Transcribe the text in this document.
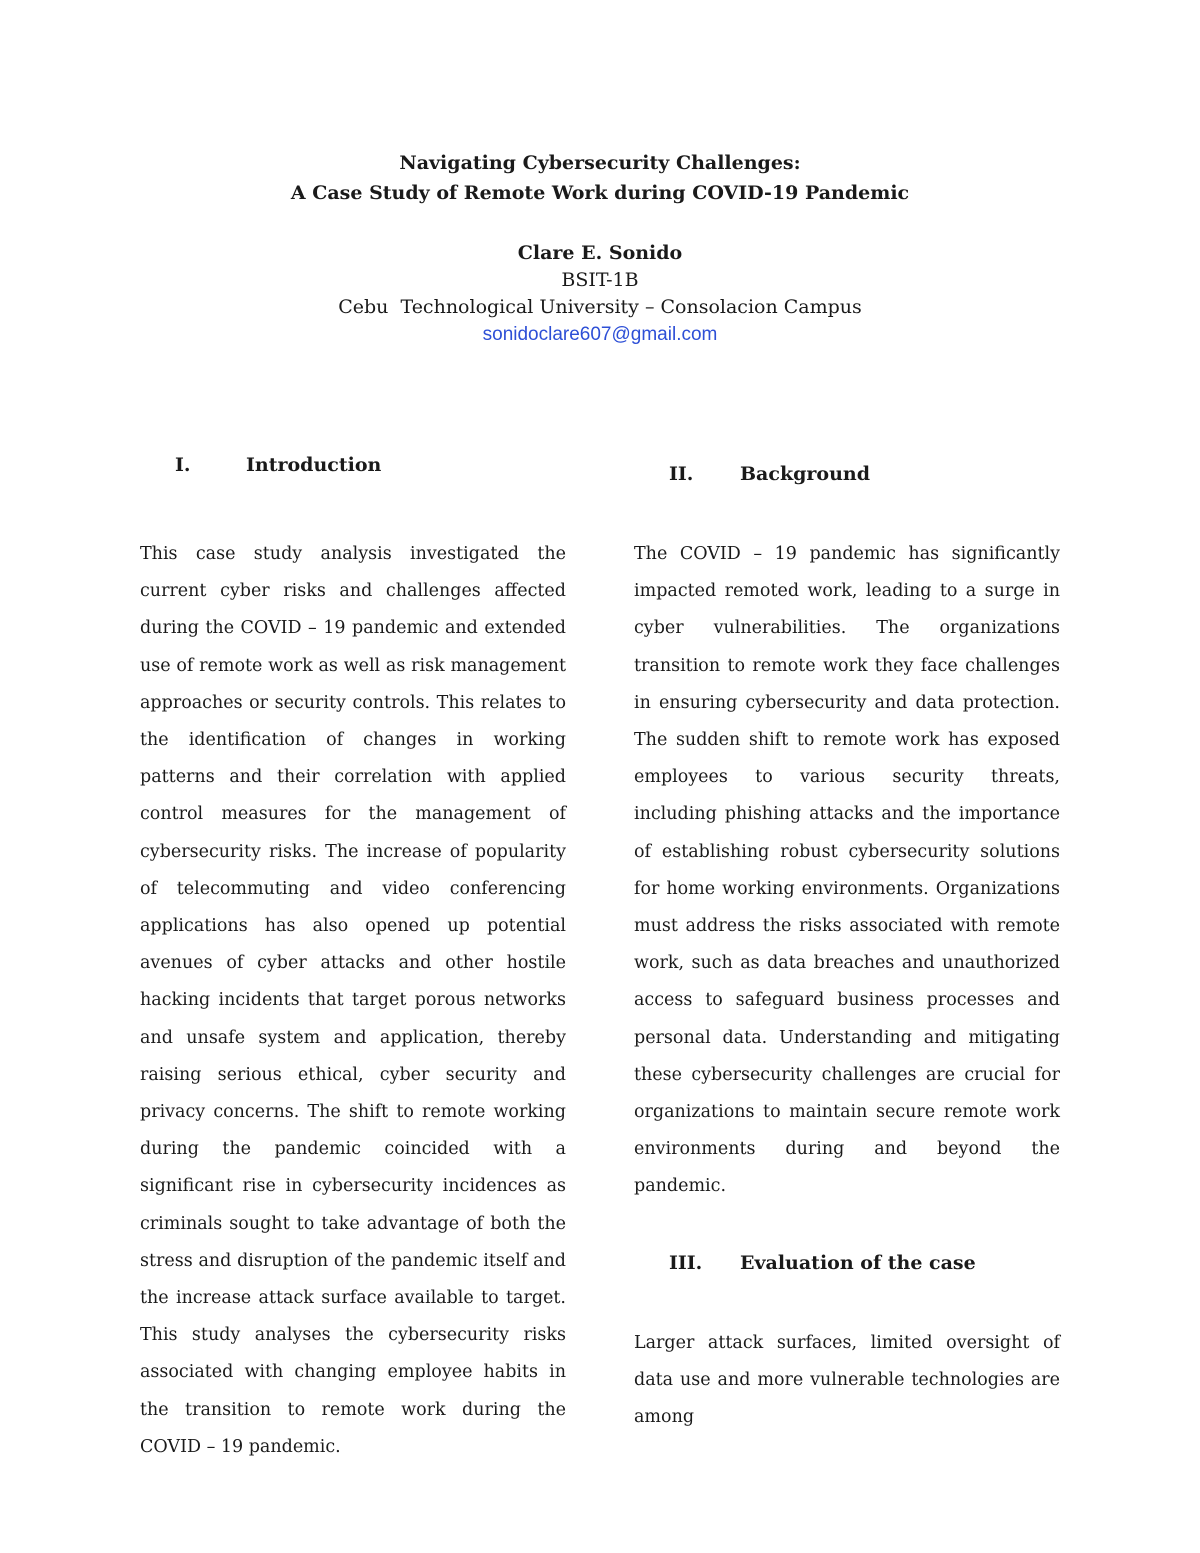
Navigating Cybersecurity Challenges:
A Case Study of Remote Work during COVID-19 Pandemic
Clare E. Sonido
BSIT-1B
Cebu  Technological University – Consolacion Campus
sonidoclare607@gmail.com
I.	Introduction

This case study analysis investigated the current cyber risks and challenges affected during the COVID – 19 pandemic and extended use of remote work as well as risk management approaches or security controls. This relates to the identification of changes in working patterns and their correlation with applied control measures for the management of cybersecurity risks. The increase of popularity of telecommuting and video conferencing applications has also opened up potential avenues of cyber attacks and other hostile hacking incidents that target porous networks and unsafe system and application, thereby raising serious ethical, cyber security and privacy concerns. The shift to remote working during the pandemic coincided with a significant rise in cybersecurity incidences as criminals sought to take advantage of both the stress and disruption of the pandemic itself and the increase attack surface available to target. This study analyses the cybersecurity risks associated with changing employee habits in the transition to remote work during the COVID – 19 pandemic.

II. Background

The COVID – 19 pandemic has significantly impacted remoted work, leading to a surge in cyber vulnerabilities. The organizations transition to remote work they face challenges in ensuring cybersecurity and data protection. The sudden shift to remote work has exposed employees to various security threats, including phishing attacks and the importance of establishing robust cybersecurity solutions for home working environments. Organizations must address the risks associated with remote work, such as data breaches and unauthorized access to safeguard business processes and personal data. Understanding and mitigating these cybersecurity challenges are crucial for organizations to maintain secure remote work environments during and beyond the pandemic.

III. Evaluation of the case

Larger attack surfaces, limited oversight of data use and more vulnerable technologies are among
